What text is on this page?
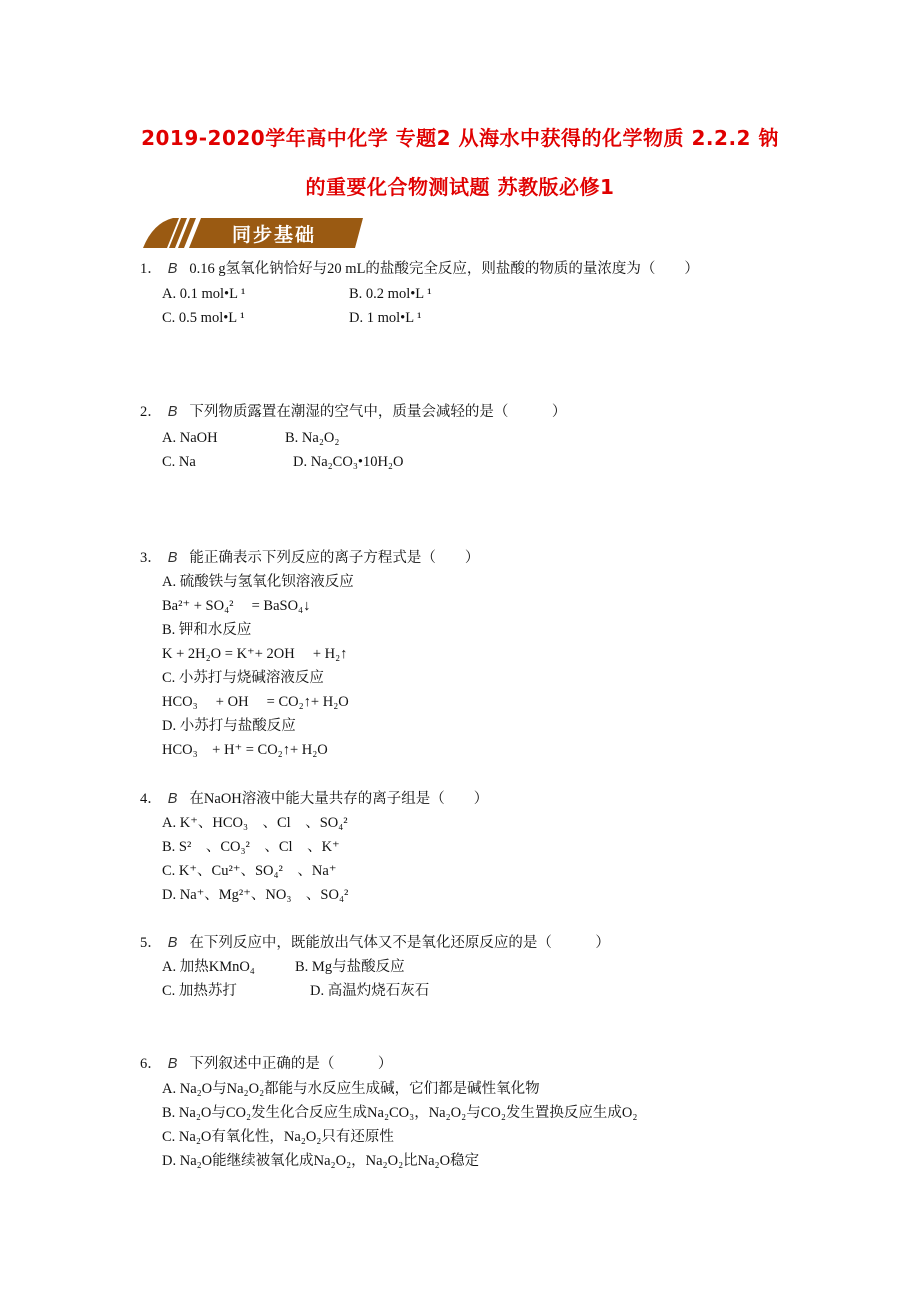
2019-2020学年高中化学 专题2 从海水中获得的化学物质 2.2.2 钠
的重要化合物测试题 苏教版必修1
同步基础
1． B 0.16 g氢氧化钠恰好与20 mL的盐酸完全反应，则盐酸的物质的量浓度为（　　）
A. 0.1 mol•L ¹	B. 0.2 mol•L ¹
C. 0.5 mol•L ¹	D. 1 mol•L ¹
2． B 下列物质露置在潮湿的空气中，质量会减轻的是（　　　）
A. NaOH	B. Na₂O₂
C. Na	D. Na₂CO₃•10H₂O
3． B 能正确表示下列反应的离子方程式是（　　）
A. 硫酸铁与氢氧化钡溶液反应
Ba²⁺ + SO₄²　 = BaSO₄↓
B. 钾和水反应
K + 2H₂O = K⁺+ 2OH　 + H₂↑
C. 小苏打与烧碱溶液反应
HCO₃　 + OH　 = CO₂↑+ H₂O
D. 小苏打与盐酸反应
HCO₃　+ H⁺ = CO₂↑+ H₂O
4． B 在NaOH溶液中能大量共存的离子组是（　　）
A. K⁺、HCO₃　、Cl　、SO₄²
B. S²　、CO₃²　、Cl　、K⁺
C. K⁺、Cu²⁺、SO₄²　、Na⁺
D. Na⁺、Mg²⁺、NO₃　、SO₄²
5． B 在下列反应中，既能放出气体又不是氧化还原反应的是（　　　）
A. 加热KMnO₄	B. Mg与盐酸反应
C. 加热苏打	D. 高温灼烧石灰石
6． B 下列叙述中正确的是（　　　）
A. Na₂O与Na₂O₂都能与水反应生成碱，它们都是碱性氧化物
B. Na₂O与CO₂发生化合反应生成Na₂CO₃，Na₂O₂与CO₂发生置换反应生成O₂
C. Na₂O有氧化性，Na₂O₂只有还原性
D. Na₂O能继续被氧化成Na₂O₂，Na₂O₂比Na₂O稳定
